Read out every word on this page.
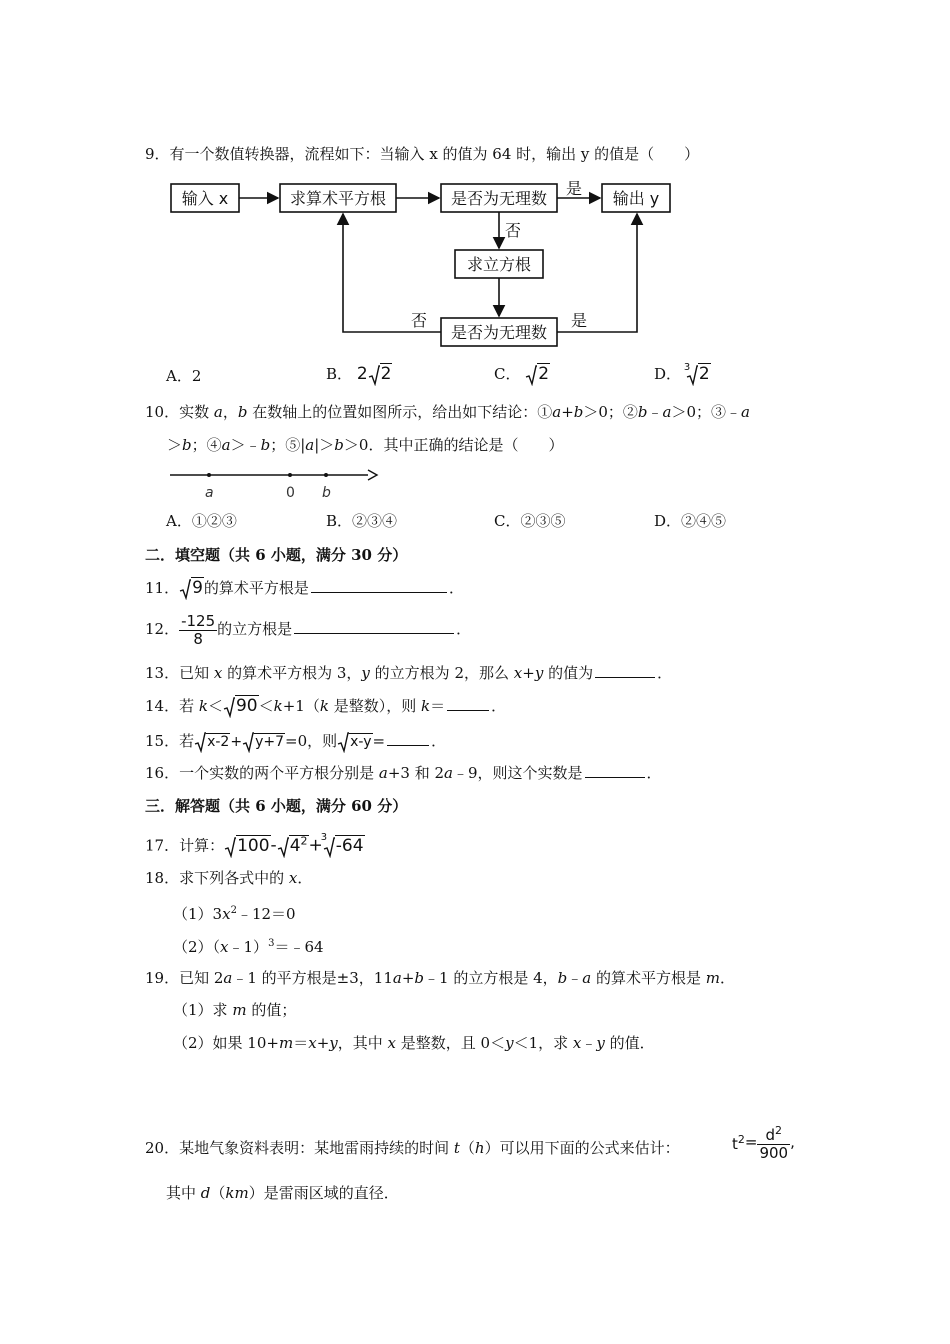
9．有一个数值转换器，流程如下：当输入 x 的值为 64 时，输出 y 的值是（　　）
输入 x	求算术平方根	是否为无理数	输出 y
求立方根
是否为无理数
是
否
否	是
A．2	B． 2 2	C． 2	D． 3 2
10．实数 a，b 在数轴上的位置如图所示，给出如下结论：①a+b＞0；②b﹣a＞0；③﹣a
＞b；④a＞﹣b；⑤|a|＞b＞0．其中正确的结论是（　　）
a	0 b
A．①②③	B．②③④	C．②③⑤	D．②④⑤
二．填空题（共 6 小题，满分 30 分）
11． 9的算术平方根是	．
12． $\frac{-125}{8}$ 的立方根是	．
13．已知 x 的算术平方根为 3，y 的立方根为 2，那么 x+y 的值为	．
14．若 k＜ 90＜k+1（k 是整数），则 k＝	．
15．若 x-2+ y+7=0，则 x-y=	．
16．一个实数的两个平方根分别是 a+3 和 2a﹣9，则这个实数是	．
三．解答题（共 6 小题，满分 60 分）
17．计算： 100- $4^2+$
3 -64
18．求下列各式中的 x．
$(1)3x^2﹣12=0$
（2）（x﹣1）$^3$＝﹣64
19．已知 2a﹣1 的平方根是±3，11a+b﹣1 的立方根是 4，b﹣a 的算术平方根是 m．
（1）求 m 的值；
（2）如果 10+m＝x+y，其中 x 是整数，且 0＜y＜1，求 x﹣y 的值．
20．某地气象资料表明：某地雷雨持续的时间 t（h）可以用下面的公式来估计：	$t^2= \frac{d^2}{900}$ ,
其中 d（km）是雷雨区域的直径．
